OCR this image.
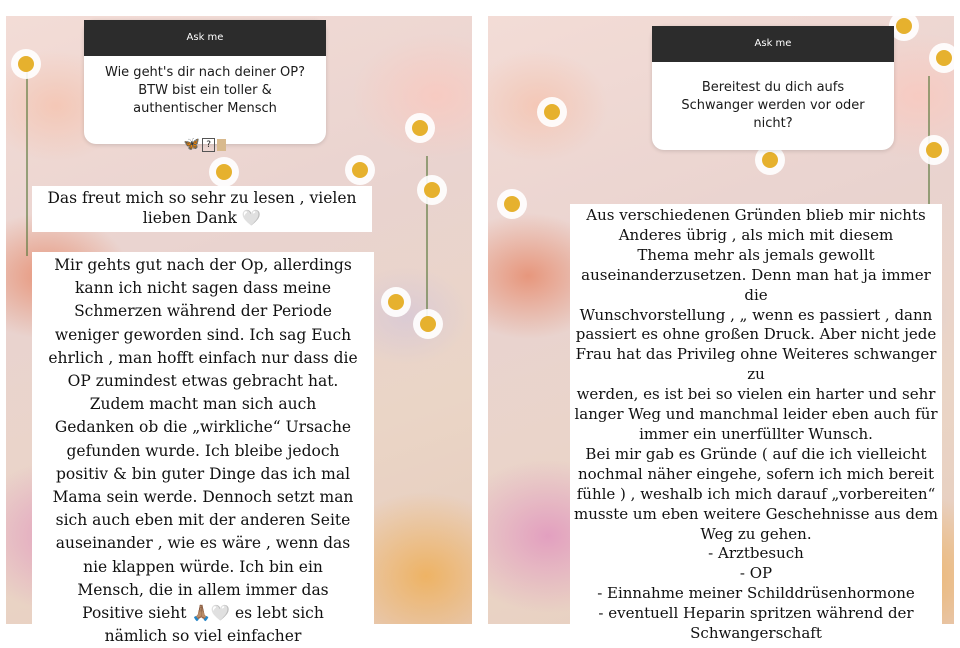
Ask me

Wie geht's dir nach deiner OP?
BTW bist ein toller &
authentischer Mensch

🦋 ?

Das freut mich so sehr zu lesen , vielen
lieben Dank 🤍
Mir gehts gut nach der Op, allerdings
kann ich nicht sagen dass meine
Schmerzen während der Periode
weniger geworden sind. Ich sag Euch
ehrlich , man hofft einfach nur dass die
OP zumindest etwas gebracht hat.
Zudem macht man sich auch
Gedanken ob die „wirkliche“ Ursache
gefunden wurde. Ich bleibe jedoch
positiv & bin guter Dinge das ich mal
Mama sein werde. Dennoch setzt man
sich auch eben mit der anderen Seite
auseinander , wie es wäre , wenn das
nie klappen würde. Ich bin ein
Mensch, die in allem immer das
Positive sieht 🙏🏽🤍 es lebt sich
nämlich so viel einfacher
Ask me
Bereitest du dich aufs
Schwanger werden vor oder
nicht?
Aus verschiedenen Gründen blieb mir nichts
Anderes übrig , als mich mit diesem
Thema mehr als jemals gewollt
auseinanderzusetzen. Denn man hat ja immer die
Wunschvorstellung , „ wenn es passiert , dann
passiert es ohne großen Druck. Aber nicht jede
Frau hat das Privileg ohne Weiteres schwanger zu
werden, es ist bei so vielen ein harter und sehr
langer Weg und manchmal leider eben auch für
immer ein unerfüllter Wunsch.
Bei mir gab es Gründe ( auf die ich vielleicht
nochmal näher eingehe, sofern ich mich bereit
fühle ) , weshalb ich mich darauf „vorbereiten“
musste um eben weitere Geschehnisse aus dem
Weg zu gehen.
- Arztbesuch
- OP
- Einnahme meiner Schilddrüsenhormone
- eventuell Heparin spritzen während der
Schwangerschaft
